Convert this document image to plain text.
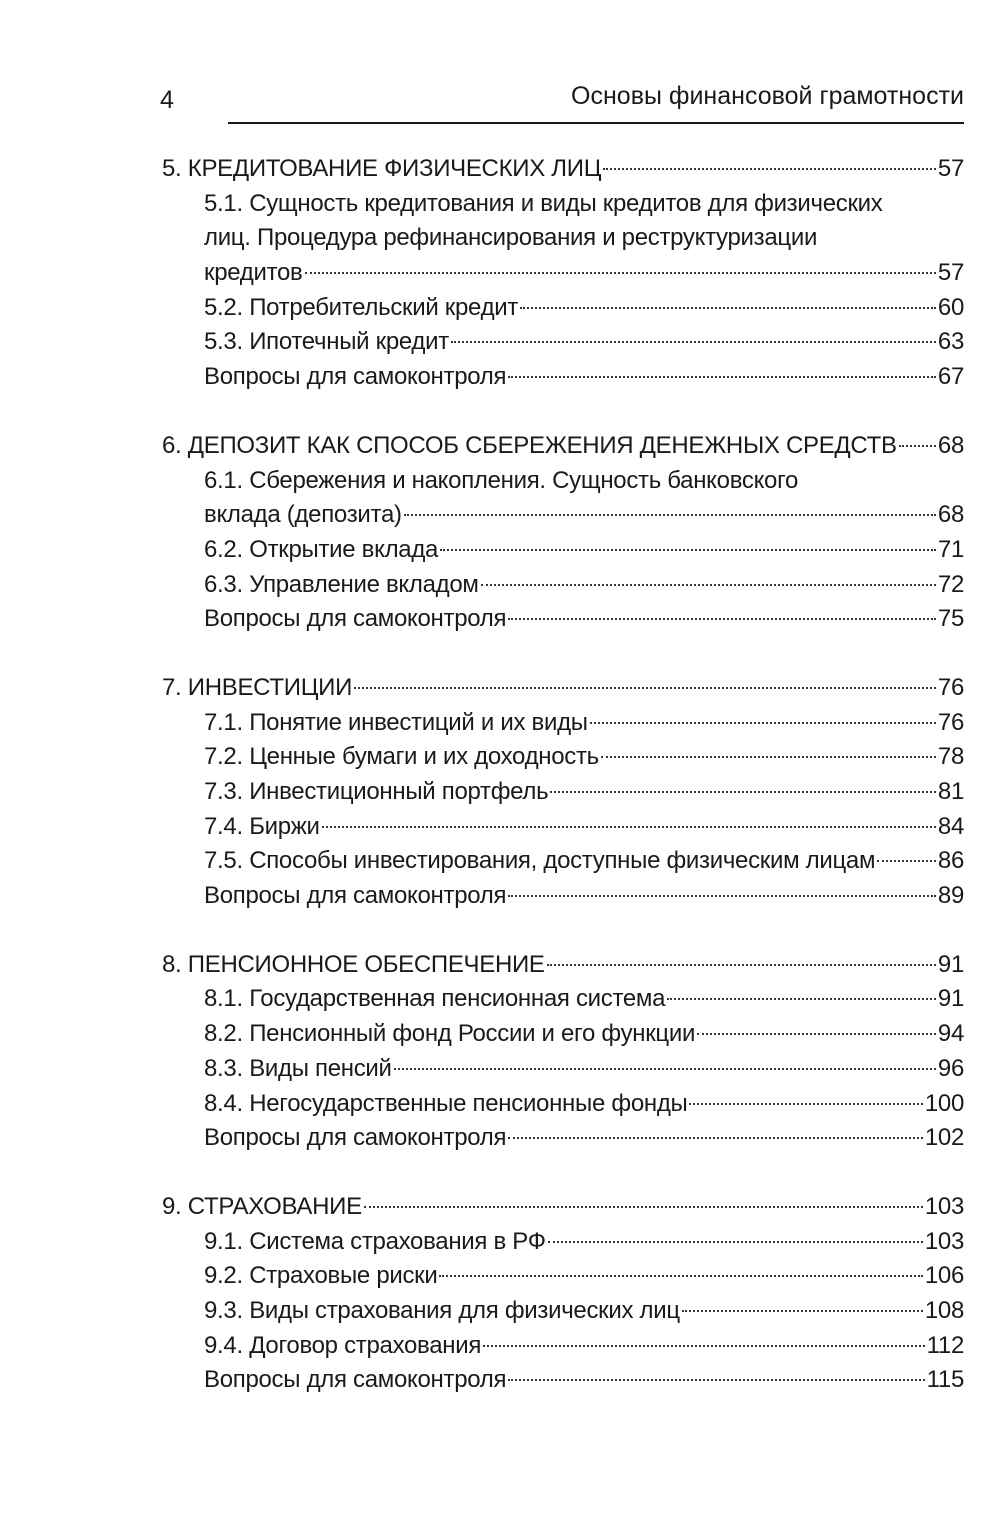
4	Основы финансовой грамотности
5. КРЕДИТОВАНИЕ ФИЗИЧЕСКИХ ЛИЦ	57
5.1. Сущность кредитования и виды кредитов для физических
лиц. Процедура рефинансирования и реструктуризации
кредитов	57
5.2. Потребительский кредит	60
5.3. Ипотечный кредит	63
Вопросы для самоконтроля	67
6. ДЕПОЗИТ КАК СПОСОБ СБЕРЕЖЕНИЯ ДЕНЕЖНЫХ СРЕДСТВ 68
6.1. Сбережения и накопления. Сущность банковского
вклада (депозита)	68
6.2. Открытие вклада	71
6.3. Управление вкладом	72
Вопросы для самоконтроля	75
7. ИНВЕСТИЦИИ	76
7.1. Понятие инвестиций и их виды	76
7.2. Ценные бумаги и их доходность	78
7.3. Инвестиционный портфель	81
7.4. Биржи	84
7.5. Способы инвестирования, доступные физическим лицам	86
Вопросы для самоконтроля	89
8. ПЕНСИОННОЕ ОБЕСПЕЧЕНИЕ	91
8.1. Государственная пенсионная система	91
8.2. Пенсионный фонд России и его функции	94
8.3. Виды пенсий	96
8.4. Негосударственные пенсионные фонды	100
Вопросы для самоконтроля	102
9. СТРАХОВАНИЕ	103
9.1. Система страхования в РФ	103
9.2. Страховые риски	106
9.3. Виды страхования для физических лиц	108
9.4. Договор страхования	112
Вопросы для самоконтроля	115
